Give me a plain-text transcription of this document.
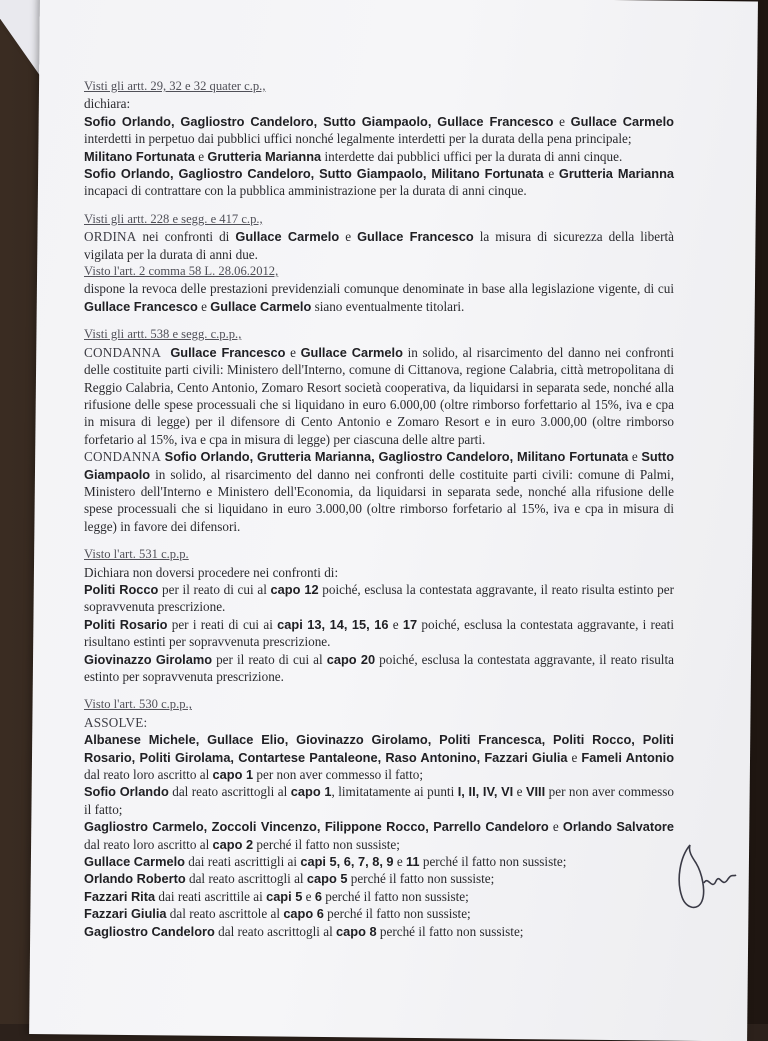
Visti gli artt. 29, 32 e 32 quater c.p.,

dichiara:

Sofio Orlando, Gagliostro Candeloro, Sutto Giampaolo, Gullace Francesco e Gullace Carmelo interdetti in perpetuo dai pubblici uffici nonché legalmente interdetti per la durata della pena principale;

Militano Fortunata e Grutteria Marianna interdette dai pubblici uffici per la durata di anni cinque.

Sofio Orlando, Gagliostro Candeloro, Sutto Giampaolo, Militano Fortunata e Grutteria Marianna incapaci di contrattare con la pubblica amministrazione per la durata di anni cinque.

Visti gli artt. 228 e segg. e 417 c.p.,

ORDINA nei confronti di Gullace Carmelo e Gullace Francesco la misura di sicurezza della libertà vigilata per la durata di anni due.

Visto l'art. 2 comma 58 L. 28.06.2012,

dispone la revoca delle prestazioni previdenziali comunque denominate in base alla legislazione vigente, di cui Gullace Francesco e Gullace Carmelo siano eventualmente titolari.

Visti gli artt. 538 e segg. c.p.p.,

CONDANNA Gullace Francesco e Gullace Carmelo in solido, al risarcimento del danno nei confronti delle costituite parti civili: Ministero dell'Interno, comune di Cittanova, regione Calabria, città metropolitana di Reggio Calabria, Cento Antonio, Zomaro Resort società cooperativa, da liquidarsi in separata sede, nonché alla rifusione delle spese processuali che si liquidano in euro 6.000,00 (oltre rimborso forfettario al 15%, iva e cpa in misura di legge) per il difensore di Cento Antonio e Zomaro Resort e in euro 3.000,00 (oltre rimborso forfetario al 15%, iva e cpa in misura di legge) per ciascuna delle altre parti.

CONDANNA Sofio Orlando, Grutteria Marianna, Gagliostro Candeloro, Militano Fortunata e Sutto Giampaolo in solido, al risarcimento del danno nei confronti delle costituite parti civili: comune di Palmi, Ministero dell'Interno e Ministero dell'Economia, da liquidarsi in separata sede, nonché alla rifusione delle spese processuali che si liquidano in euro 3.000,00 (oltre rimborso forfetario al 15%, iva e cpa in misura di legge) in favore dei difensori.

Visto l'art. 531 c.p.p.

Dichiara non doversi procedere nei confronti di:

Politi Rocco per il reato di cui al capo 12 poiché, esclusa la contestata aggravante, il reato risulta estinto per sopravvenuta prescrizione.

Politi Rosario per i reati di cui ai capi 13, 14, 15, 16 e 17 poiché, esclusa la contestata aggravante, i reati risultano estinti per sopravvenuta prescrizione.

Giovinazzo Girolamo per il reato di cui al capo 20 poiché, esclusa la contestata aggravante, il reato risulta estinto per sopravvenuta prescrizione.

Visto l'art. 530 c.p.p.,

ASSOLVE:

Albanese Michele, Gullace Elio, Giovinazzo Girolamo, Politi Francesca, Politi Rocco, Politi Rosario, Politi Girolama, Contartese Pantaleone, Raso Antonino, Fazzari Giulia e Fameli Antonio dal reato loro ascritto al capo 1 per non aver commesso il fatto;

Sofio Orlando dal reato ascrittogli al capo 1, limitatamente ai punti I, II, IV, VI e VIII per non aver commesso il fatto;

Gagliostro Carmelo, Zoccoli Vincenzo, Filippone Rocco, Parrello Candeloro e Orlando Salvatore dal reato loro ascritto al capo 2 perché il fatto non sussiste;

Gullace Carmelo dai reati ascrittigli ai capi 5, 6, 7, 8, 9 e 11 perché il fatto non sussiste;

Orlando Roberto dal reato ascrittogli al capo 5 perché il fatto non sussiste;

Fazzari Rita dai reati ascrittile ai capi 5 e 6 perché il fatto non sussiste;

Fazzari Giulia dal reato ascrittole al capo 6 perché il fatto non sussiste;

Gagliostro Candeloro dal reato ascrittogli al capo 8 perché il fatto non sussiste;
